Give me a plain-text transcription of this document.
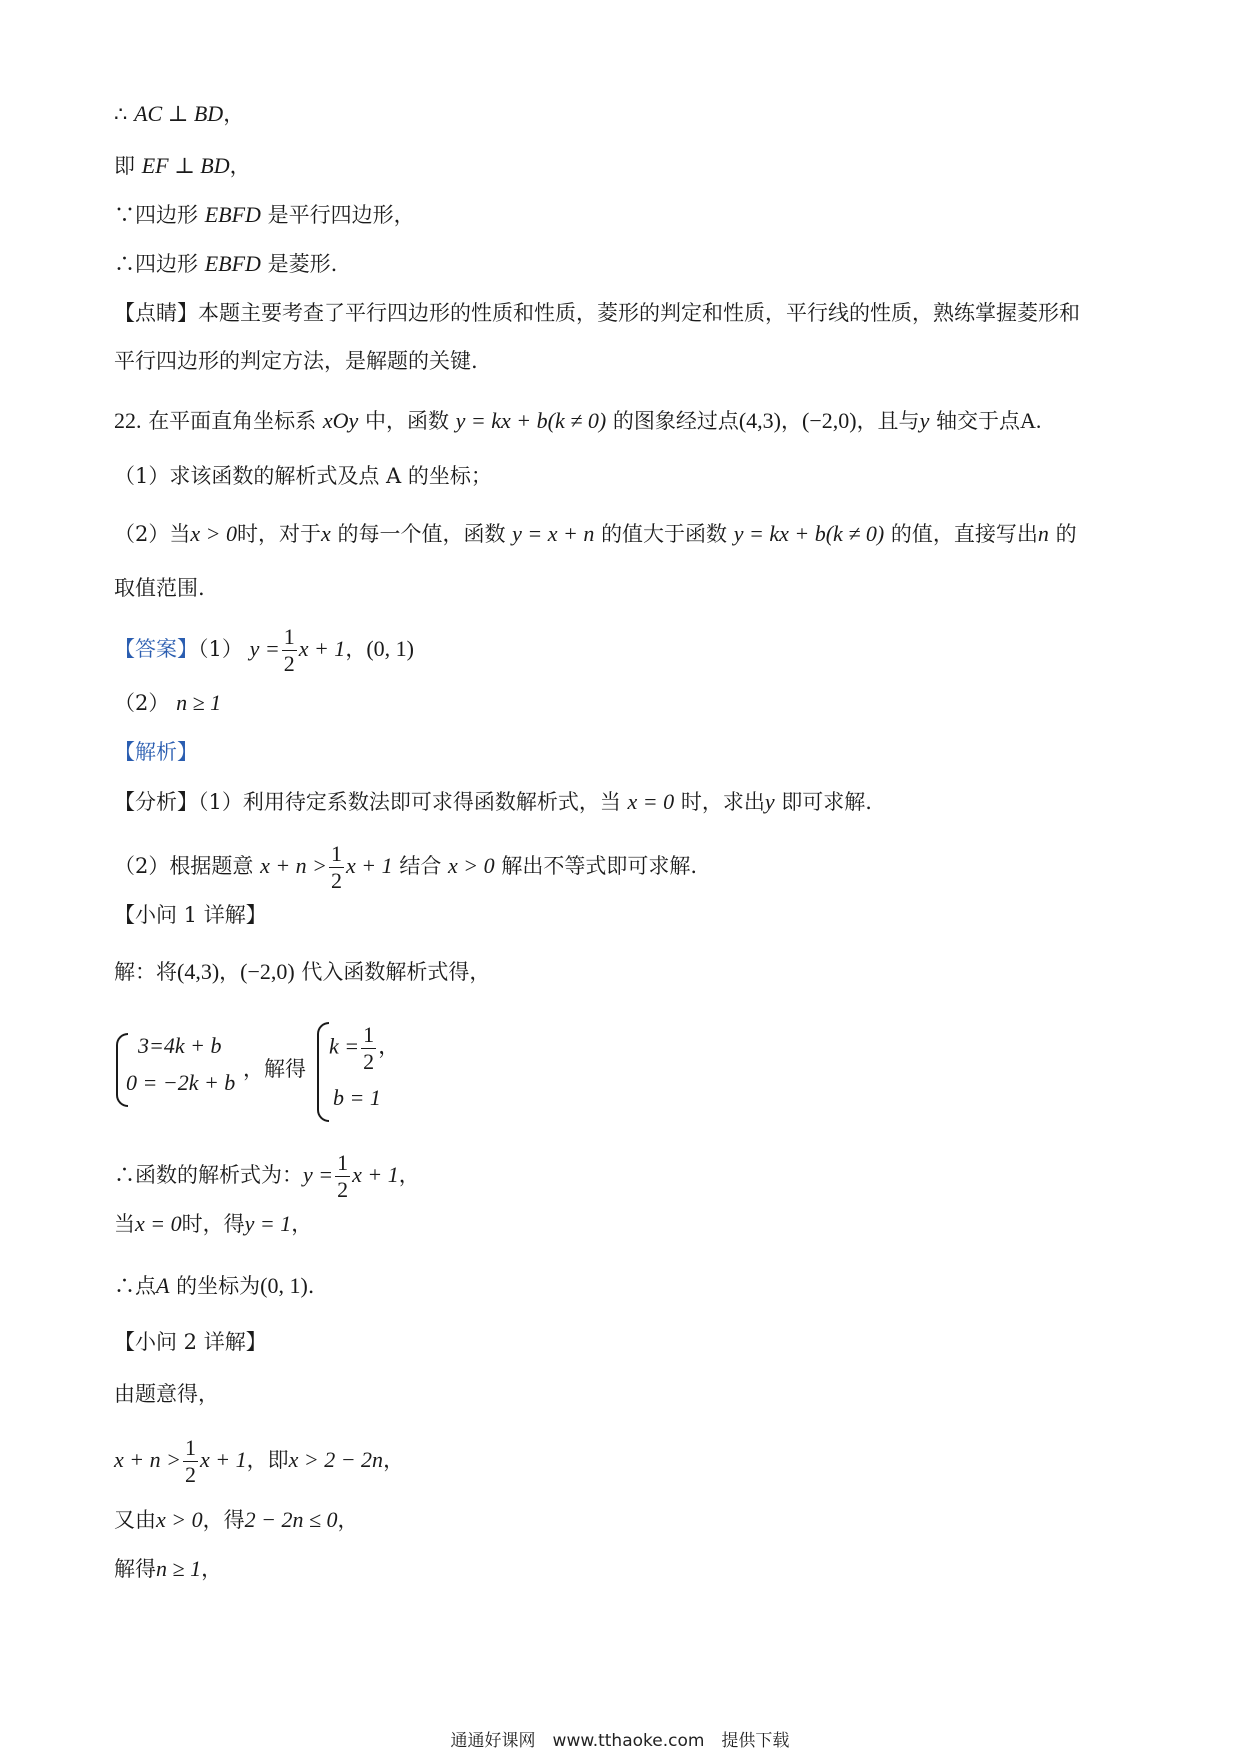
∴ AC ⊥ BD，
即 EF ⊥ BD，
∵四边形 EBFD 是平行四边形，
∴四边形 EBFD 是菱形.
【点睛】本题主要考查了平行四边形的性质和性质，菱形的判定和性质，平行线的性质，熟练掌握菱形和
平行四边形的判定方法，是解题的关键.
22. 在平面直角坐标系 xOy 中，函数 y = kx + b(k ≠ 0) 的图象经过点(4,3)，(−2,0)，且与y 轴交于点A.
（1）求该函数的解析式及点 A 的坐标；
（2）当x > 0时，对于x 的每一个值，函数 y = x + n 的值大于函数 y = kx + b(k ≠ 0) 的值，直接写出n 的
取值范围.
【答案】（1） $y = \frac{1}{2}$ x + 1，(0, 1)
（2） n ≥ 1
【解析】
【分析】（1）利用待定系数法即可求得函数解析式，当 x = 0 时，求出y 即可求解.
（2）根据题意 $x + n > \frac{1}{2}$ x + 1 结合 x > 0 解出不等式即可求解.
【小问 1 详解】
解：将(4,3)，(−2,0) 代入函数解析式得，
3=4k + b
0 = −2k + b
，解得
$k = \frac{1}{2}$ ，
b = 1
∴函数的解析式为：$y = \frac{1}{2}$ x + 1，
当x = 0时，得y = 1，
∴点A 的坐标为(0, 1).
【小问 2 详解】
由题意得，
$x + n > \frac{1}{2}$ x + 1，即x > 2 − 2n，
又由x > 0，得2 − 2n ≤ 0，
解得n ≥ 1，
通通好课网　www.tthaoke.com　提供下载
